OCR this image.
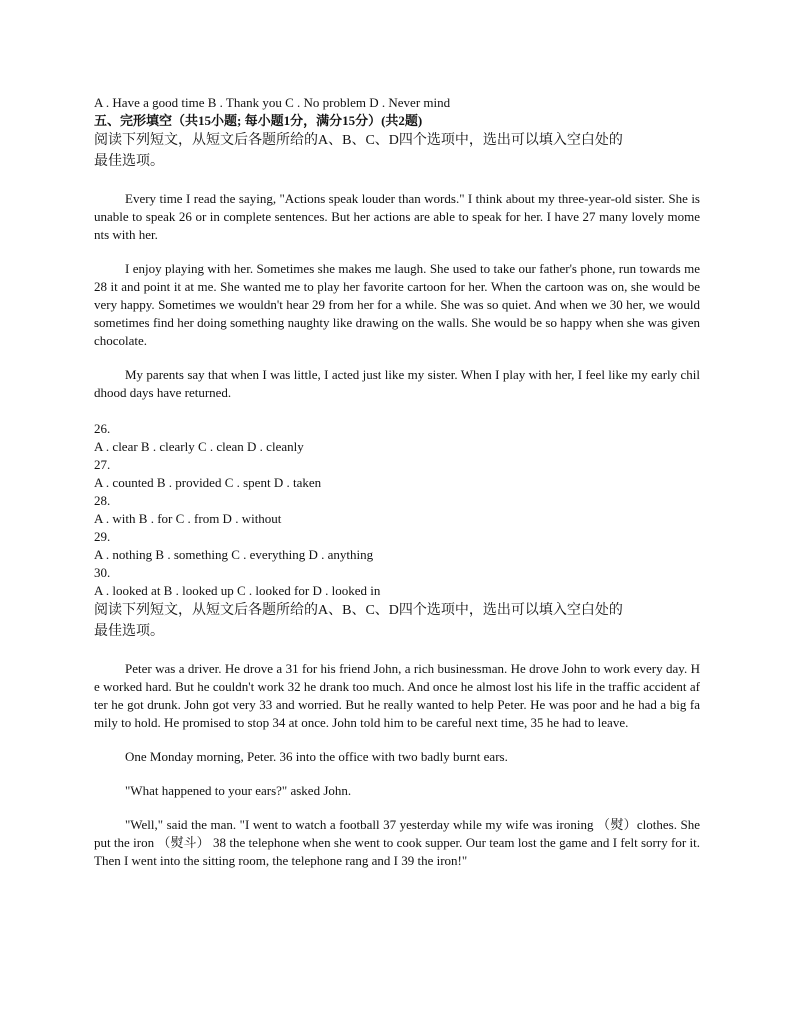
A . Have a good time B . Thank you C . No problem D . Never mind
五、完形填空（共15小题; 每小题1分，满分15分）(共2题)
阅读下列短文，从短文后各题所给的A、B、C、D四个选项中，选出可以填入空白处的
最佳选项。
Every time I read the saying, "Actions speak louder than words." I think about my three-year-old sister. She is unable to speak 26 or in complete sentences. But her actions are able to speak for her. I have 27 many lovely moments with her.
I enjoy playing with her. Sometimes she makes me laugh. She used to take our father's phone, run towards me 28 it and point it at me. She wanted me to play her favorite cartoon for her. When the cartoon was on, she would be very happy. Sometimes we wouldn't hear 29 from her for a while. She was so quiet. And when we 30 her, we would sometimes find her doing something naughty like drawing on the walls. She would be so happy when she was given chocolate.
My parents say that when I was little, I acted just like my sister. When I play with her, I feel like my early childhood days have returned.
26.
A . clear B . clearly C . clean D . cleanly
27.
A . counted B . provided C . spent D . taken
28.
A . with B . for C . from D . without
29.
A . nothing B . something C . everything D . anything
30.
A . looked at B . looked up C . looked for D . looked in
阅读下列短文，从短文后各题所给的A、B、C、D四个选项中，选出可以填入空白处的
最佳选项。
Peter was a driver. He drove a 31 for his friend John, a rich businessman. He drove John to work every day. He worked hard. But he couldn't work 32 he drank too much. And once he almost lost his life in the traffic accident after he got drunk. John got very 33 and worried. But he really wanted to help Peter. He was poor and he had a big family to hold. He promised to stop 34 at once. John told him to be careful next time, 35 he had to leave.
One Monday morning, Peter. 36 into the office with two badly burnt ears.
"What happened to your ears?" asked John.
"Well," said the man. "I went to watch a football 37 yesterday while my wife was ironing （熨）clothes. She put the iron （熨斗） 38 the telephone when she went to cook supper. Our team lost the game and I felt sorry for it. Then I went into the sitting room, the telephone rang and I 39 the iron!"
